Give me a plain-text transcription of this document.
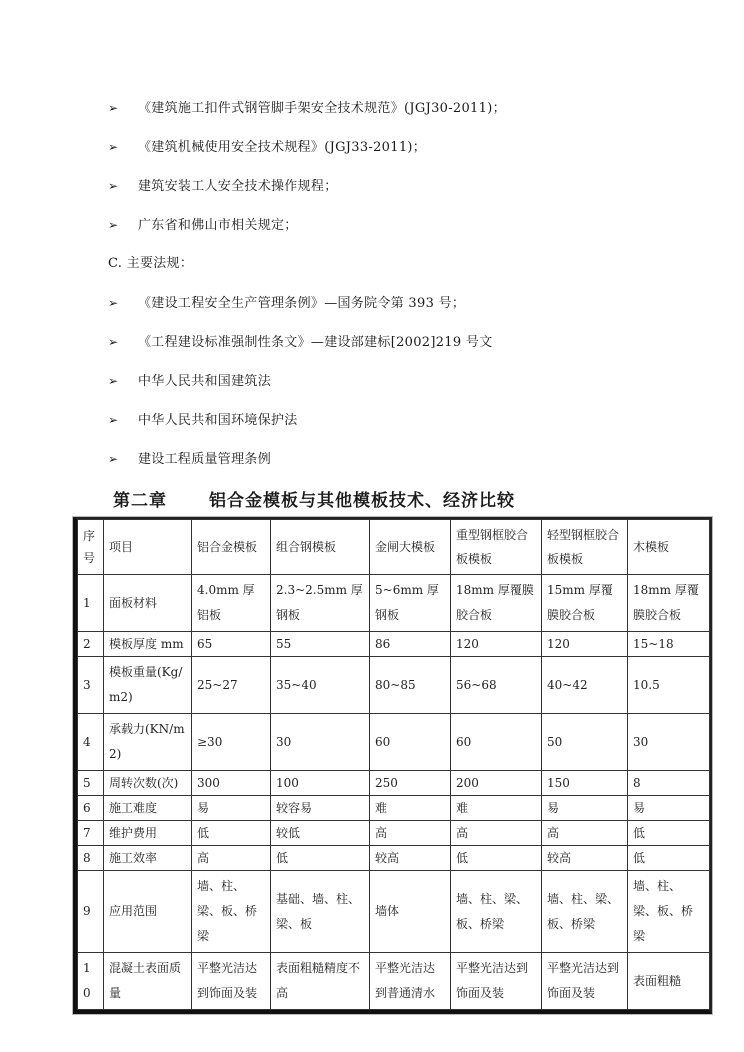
➢ 《建筑施工扣件式钢管脚手架安全技术规范》(JGJ30-2011)；
➢ 《建筑机械使用安全技术规程》(JGJ33-2011)；
➢ 建筑安装工人安全技术操作规程；
➢ 广东省和佛山市相关规定；
C. 主要法规：
➢ 《建设工程安全生产管理条例》—国务院令第 393 号；
➢ 《工程建设标准强制性条文》—建设部建标[2002]219 号文
➢ 中华人民共和国建筑法
➢ 中华人民共和国环境保护法
➢ 建设工程质量管理条例
第二章 铝合金模板与其他模板技术、经济比较
序号	项目	铝合金模板	组合钢模板	金闸大模板	重型钢框胶合板模板	轻型钢框胶合板模板	木模板
1	面板材料	4.0mm 厚铝板	2.3~2.5mm 厚钢板	5~6mm 厚钢板	18mm 厚覆膜胶合板	15mm 厚覆膜胶合板	18mm 厚覆膜胶合板
2	模板厚度 mm	65	55	86	120	120	15~18
3	模板重量(Kg/m2)	25~27	35~40	80~85	56~68	40~42	10.5
4	承载力(KN/m2)	≥30	30	60	60	50	30
5	周转次数(次)	300	100	250	200	150	8
6	施工难度	易	较容易	难	难	易	易
7	维护费用	低	较低	高	高	高	低
8	施工效率	高	低	较高	低	较高	低
9	应用范围	墙、柱、梁、板、桥梁	基础、墙、柱、梁、板	墙体	墙、柱、梁、板、桥梁	墙、柱、梁、板、桥梁	墙、柱、梁、板、桥梁
10	混凝土表面质量	平整光洁达到饰面及装	表面粗糙精度不高	平整光洁达到普通清水	平整光洁达到饰面及装	平整光洁达到饰面及装	表面粗糙
